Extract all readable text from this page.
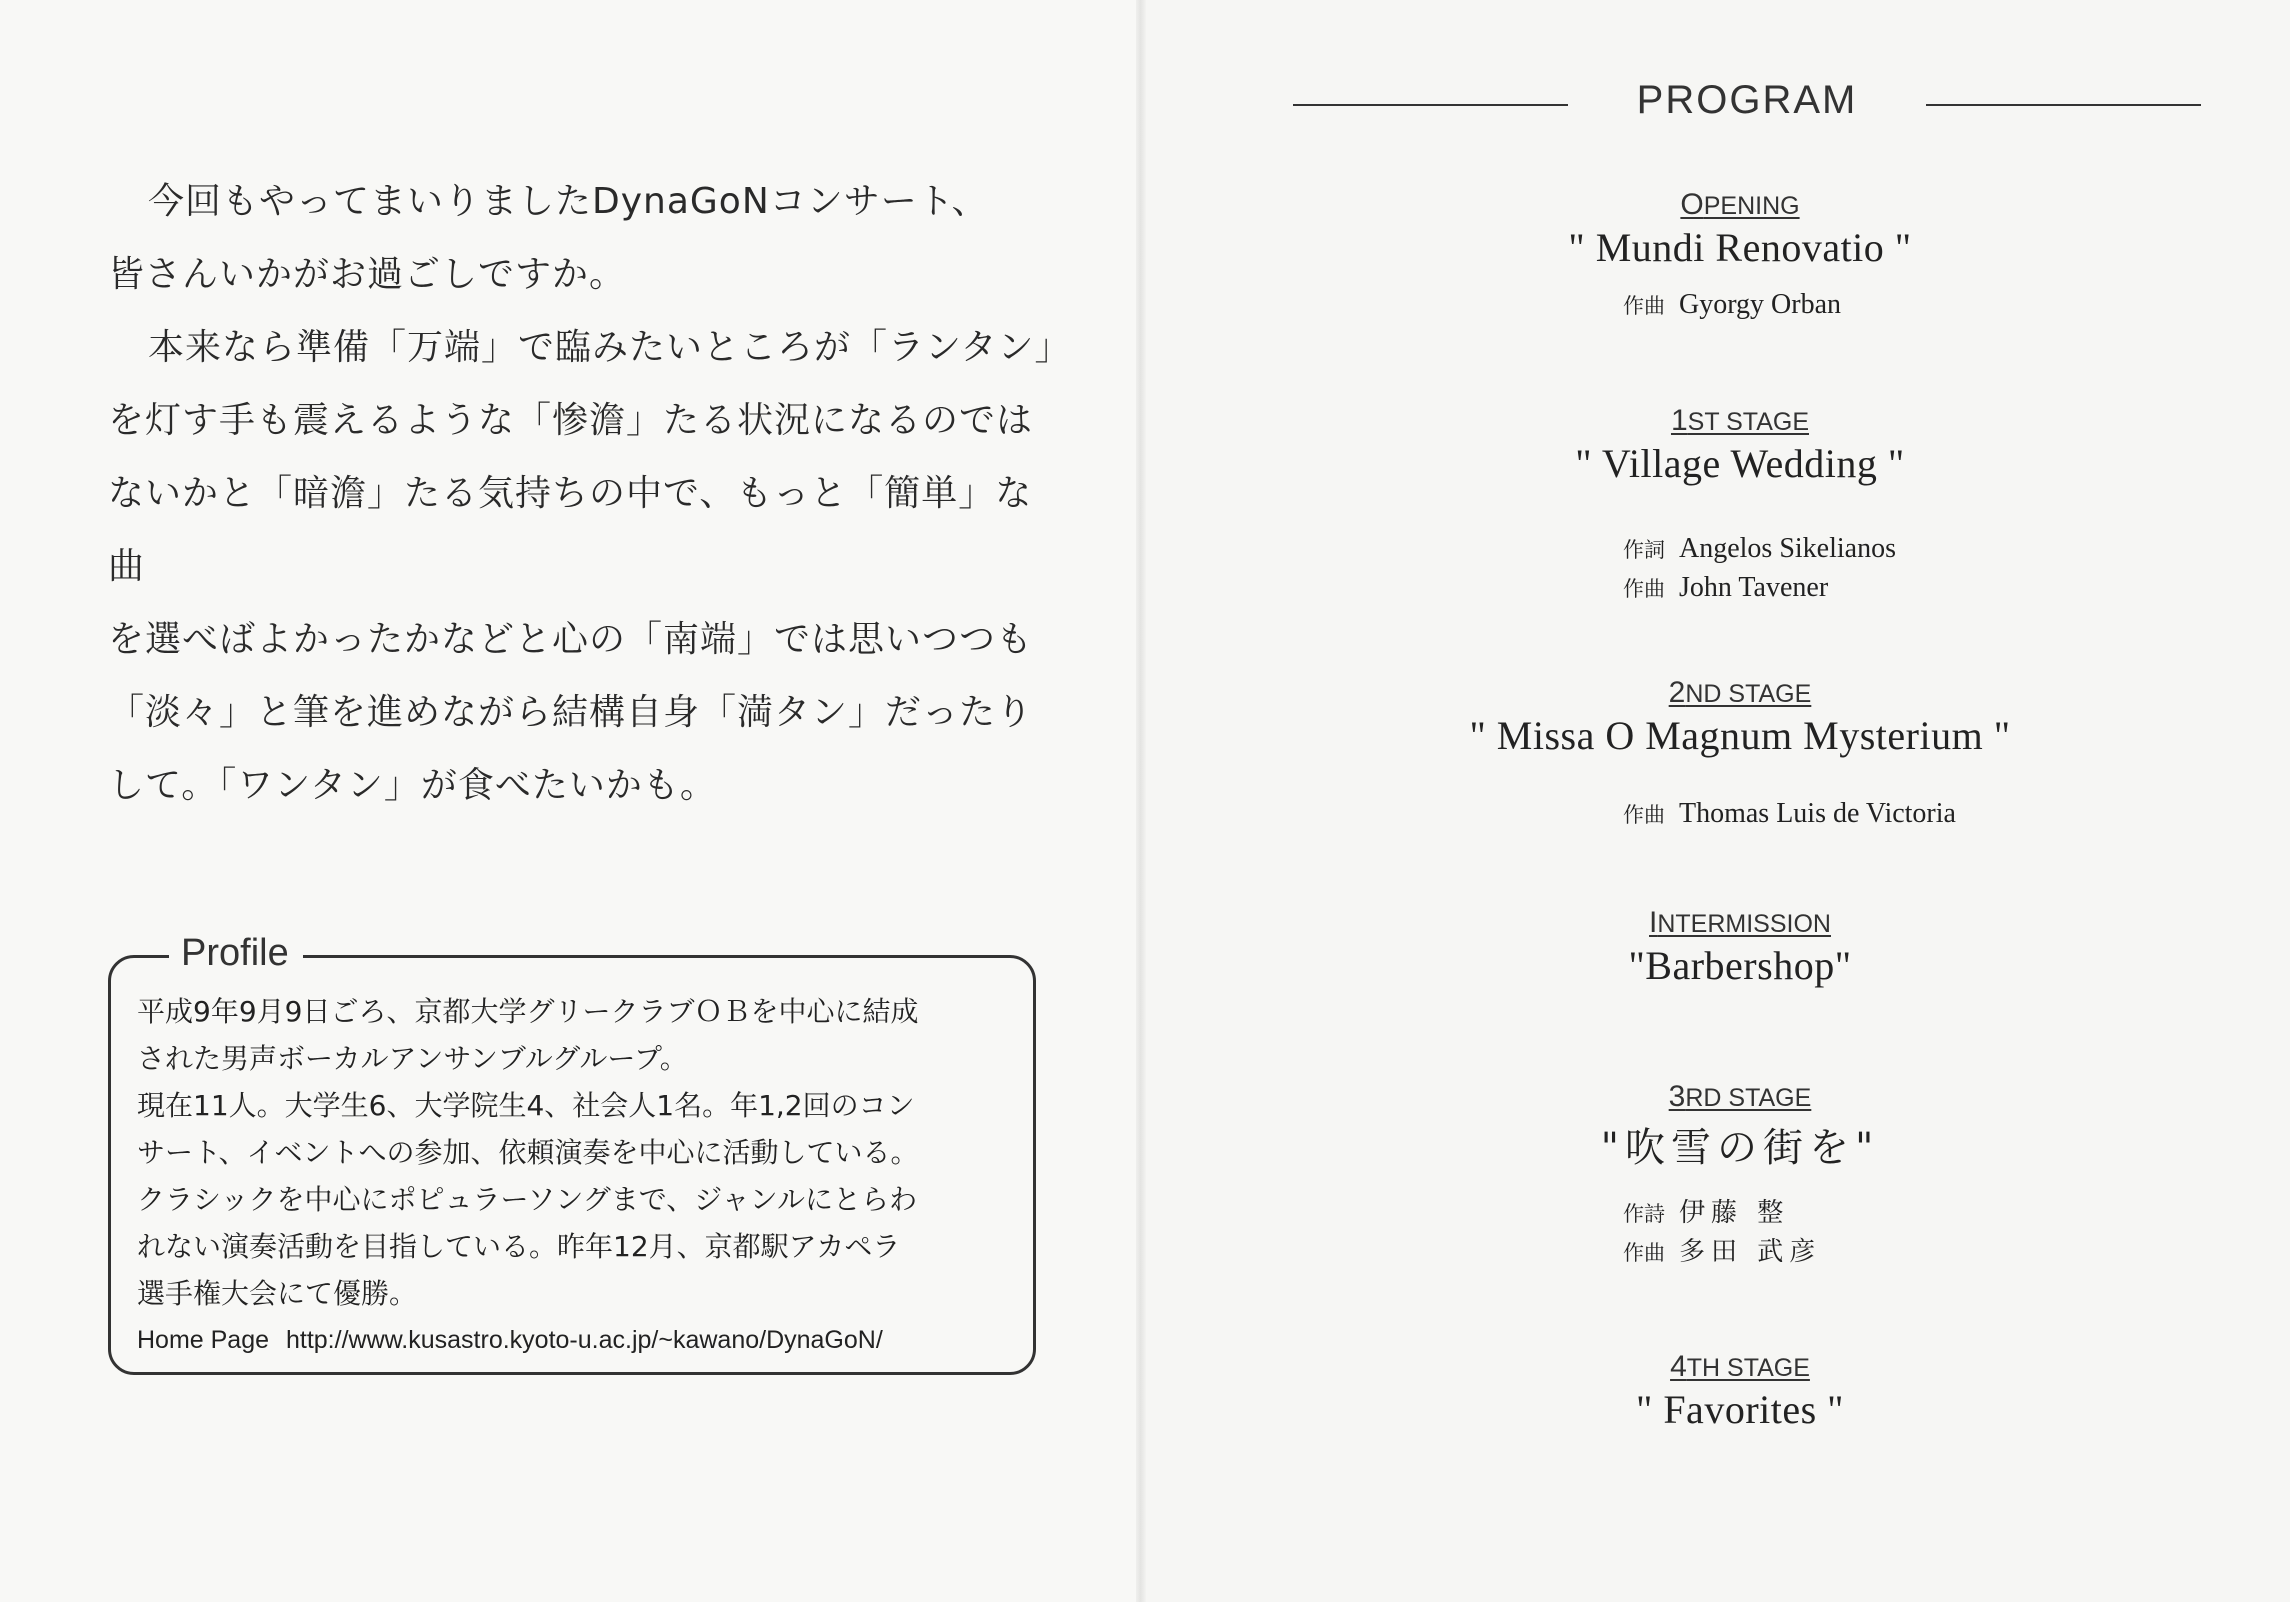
今回もやってまいりましたDynaGoNコンサート、

皆さんいかがお過ごしですか。

本来なら準備「万端」で臨みたいところが「ランタン」

を灯す手も震えるような「惨澹」たる状況になるのでは

ないかと「暗澹」たる気持ちの中で、もっと「簡単」な曲

を選べばよかったかなどと心の「南端」では思いつつも

「淡々」と筆を進めながら結構自身「満タン」だったり

して。「ワンタン」が食べたいかも。

Profile
平成9年9月9日ごろ、京都大学グリークラブＯＢを中心に結成
された男声ボーカルアンサンブルグループ。
現在11人。大学生6、大学院生4、社会人1名。年1,2回のコン
サート、イベントへの参加、依頼演奏を中心に活動している。
クラシックを中心にポピュラーソングまで、ジャンルにとらわ
れない演奏活動を目指している。昨年12月、京都駅アカペラ
選手権大会にて優勝。
Home Page http://www.kusastro.kyoto-u.ac.jp/~kawano/DynaGoN/
PROGRAM
OPENING
" Mundi Renovatio "
作曲 Gyorgy Orban
1ST STAGE
" Village Wedding "
作詞 Angelos Sikelianos
作曲 John Tavener
2ND STAGE
" Missa O Magnum Mysterium "
作曲 Thomas Luis de Victoria
INTERMISSION
"Barbershop"
3RD STAGE
"吹雪の街を"
作詩 伊藤 整
作曲 多田 武彦
4TH STAGE
" Favorites "
